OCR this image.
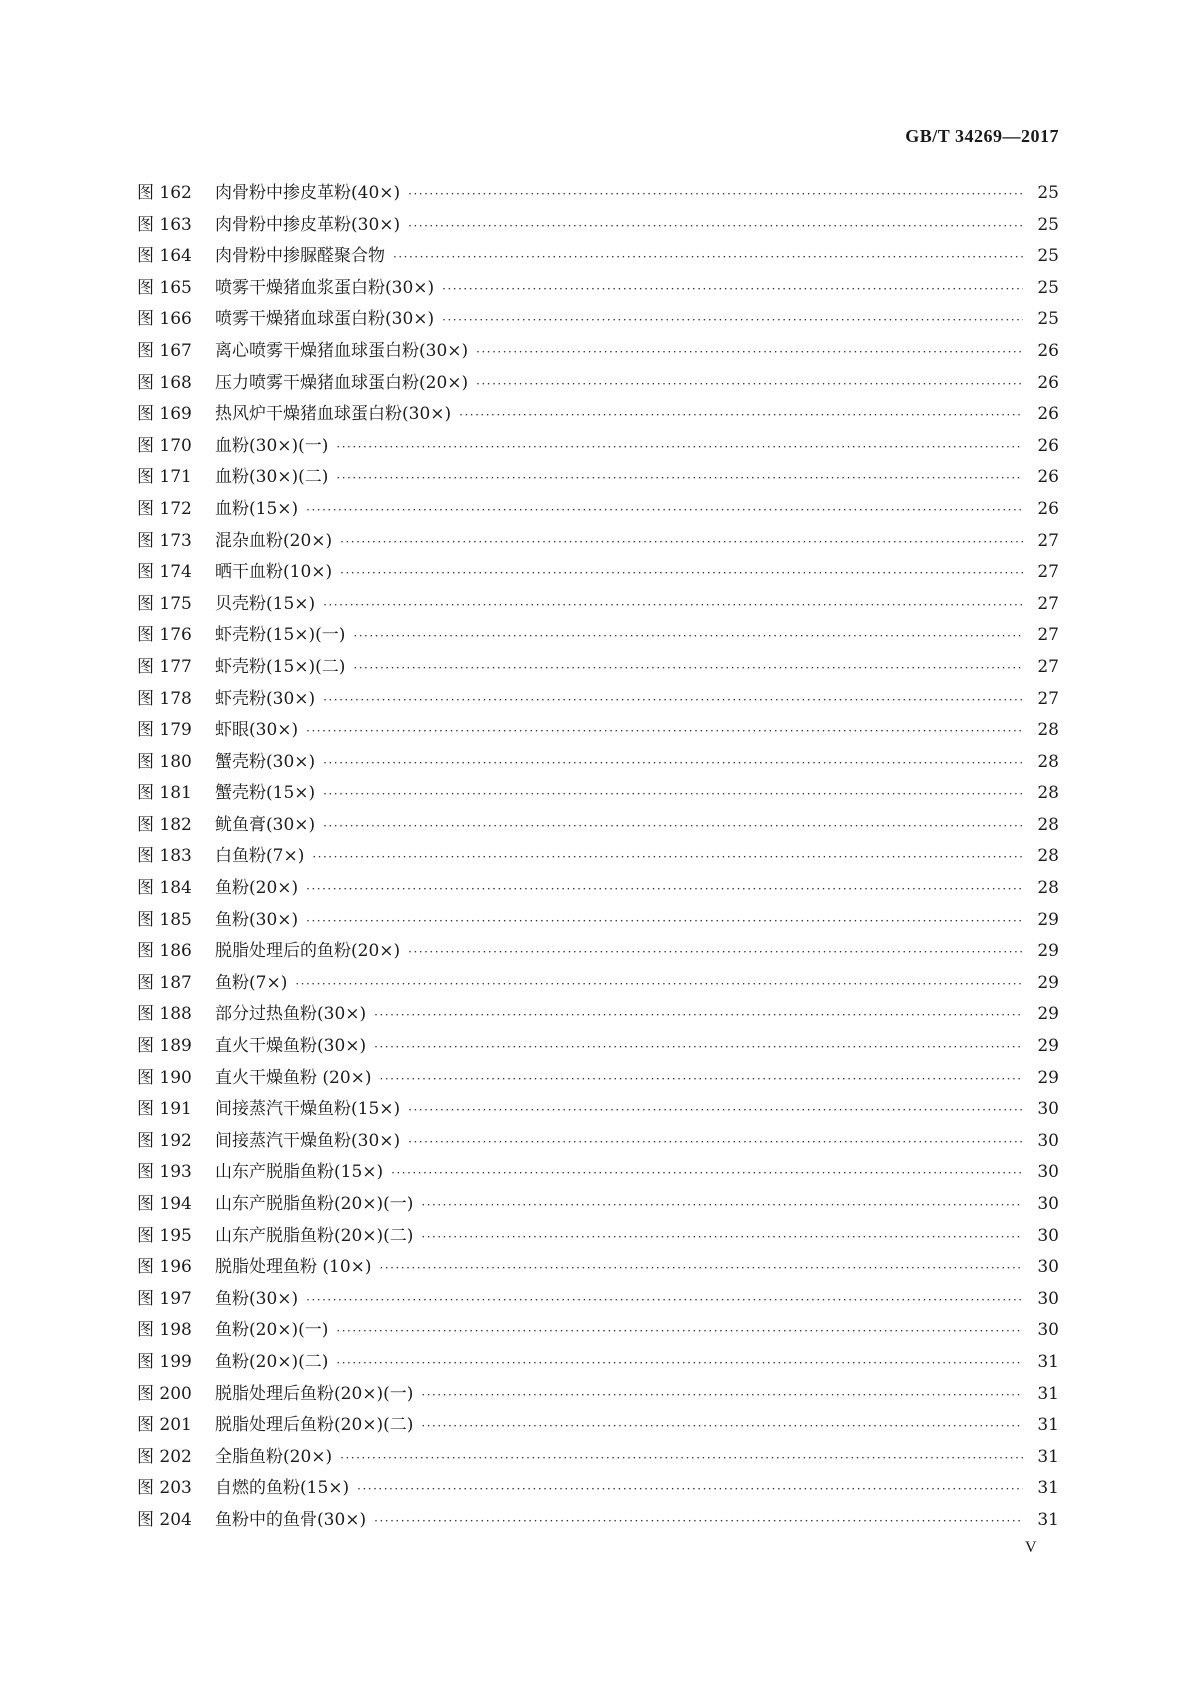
GB/T 34269—2017
图 162	肉骨粉中掺皮革粉(40×) ·····	25
图 163	肉骨粉中掺皮革粉(30×) ·····	25
图 164	肉骨粉中掺脲醛聚合物 ·····	25
图 165	喷雾干燥猪血浆蛋白粉(30×) ·····	25
图 166	喷雾干燥猪血球蛋白粉(30×) ·····	25
图 167	离心喷雾干燥猪血球蛋白粉(30×) ·····	26
图 168	压力喷雾干燥猪血球蛋白粉(20×) ·····	26
图 169	热风炉干燥猪血球蛋白粉(30×) ·····	26
图 170	血粉(30×)(一) ·····	26
图 171	血粉(30×)(二) ·····	26
图 172	血粉(15×) ·····	26
图 173	混杂血粉(20×) ·····	27
图 174	晒干血粉(10×) ·····	27
图 175	贝壳粉(15×) ·····	27
图 176	虾壳粉(15×)(一) ·····	27
图 177	虾壳粉(15×)(二) ·····	27
图 178	虾壳粉(30×) ·····	27
图 179	虾眼(30×) ·····	28
图 180	蟹壳粉(30×) ·····	28
图 181	蟹壳粉(15×) ·····	28
图 182	鱿鱼膏(30×) ·····	28
图 183	白鱼粉(7×) ·····	28
图 184	鱼粉(20×) ·····	28
图 185	鱼粉(30×) ·····	29
图 186	脱脂处理后的鱼粉(20×) ·····	29
图 187	鱼粉(7×) ·····	29
图 188	部分过热鱼粉(30×) ·····	29
图 189	直火干燥鱼粉(30×) ·····	29
图 190	直火干燥鱼粉 (20×) ·····	29
图 191	间接蒸汽干燥鱼粉(15×) ·····	30
图 192	间接蒸汽干燥鱼粉(30×) ·····	30
图 193	山东产脱脂鱼粉(15×) ·····	30
图 194	山东产脱脂鱼粉(20×)(一) ·····	30
图 195	山东产脱脂鱼粉(20×)(二) ·····	30
图 196	脱脂处理鱼粉 (10×) ·····	30
图 197	鱼粉(30×) ·····	30
图 198	鱼粉(20×)(一) ·····	30
图 199	鱼粉(20×)(二) ·····	31
图 200	脱脂处理后鱼粉(20×)(一) ·····	31
图 201	脱脂处理后鱼粉(20×)(二) ·····	31
图 202	全脂鱼粉(20×) ·····	31
图 203	自燃的鱼粉(15×) ·····	31
图 204	鱼粉中的鱼骨(30×) ·····	31
V
